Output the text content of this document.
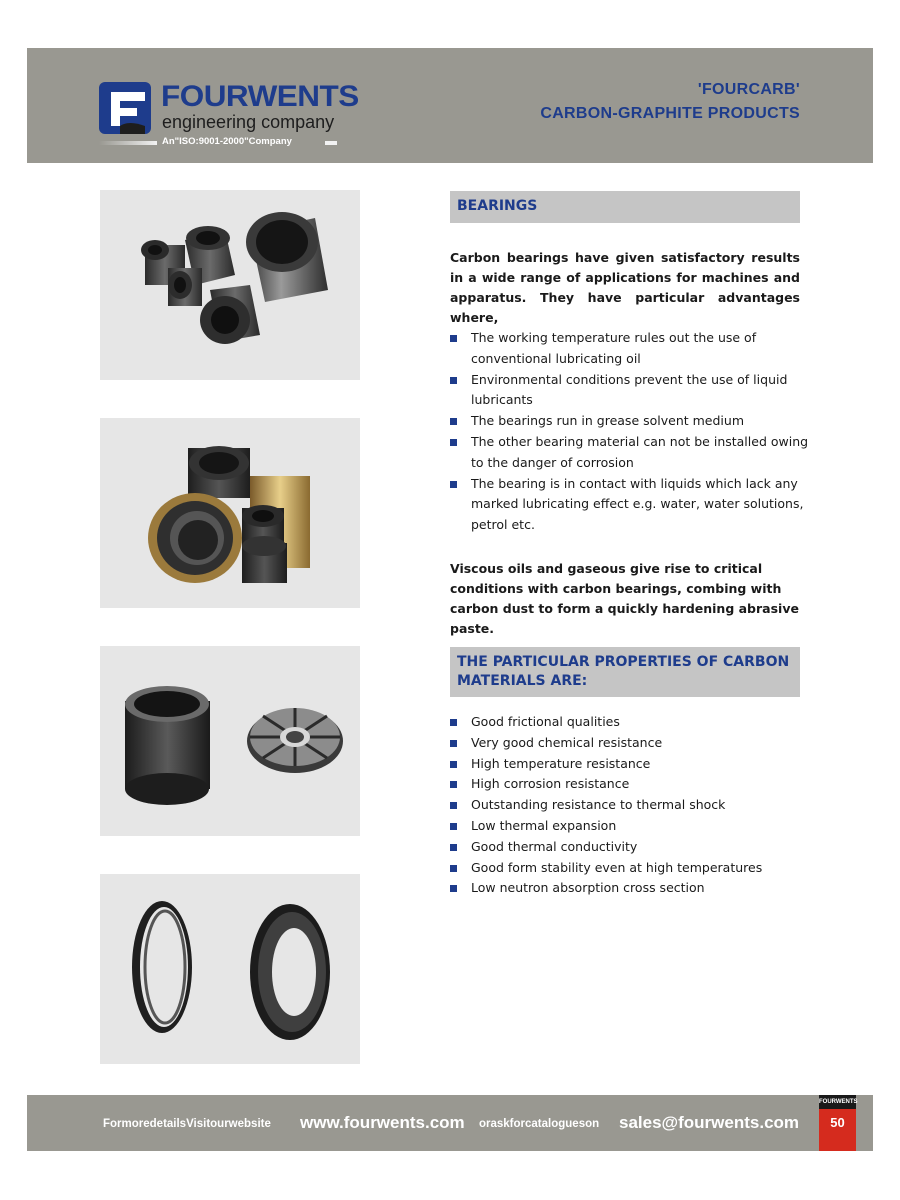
FOURWENTS
engineering company
An"ISO:9001-2000"Company
'FOURCARB'
CARBON-GRAPHITE PRODUCTS
BEARINGS
Carbon bearings have given satisfactory results in a wide range of applications for machines and apparatus. They have particular advantages where,
The working temperature rules out the use of conventional lubricating oil
Environmental conditions prevent the use of liquid lubricants
The bearings run in grease solvent medium
The other bearing material can not be installed owing to the danger of corrosion
The bearing is in contact with liquids which lack any marked lubricating effect e.g. water, water solutions, petrol etc.
Viscous oils and gaseous give rise to critical conditions with carbon bearings, combing with carbon dust to form a quickly hardening abrasive paste.
THE PARTICULAR PROPERTIES OF CARBON MATERIALS ARE:
Good frictional qualities
Very good chemical resistance
High temperature resistance
High corrosion resistance
Outstanding resistance to thermal shock
Low thermal expansion
Good thermal conductivity
Good form stability even at high temperatures
Low neutron absorption cross section
FormoredetailsVisitourwebsite www.fourwents.com oraskforcatalogueson sales@fourwents.com
FOURWENTS
50
